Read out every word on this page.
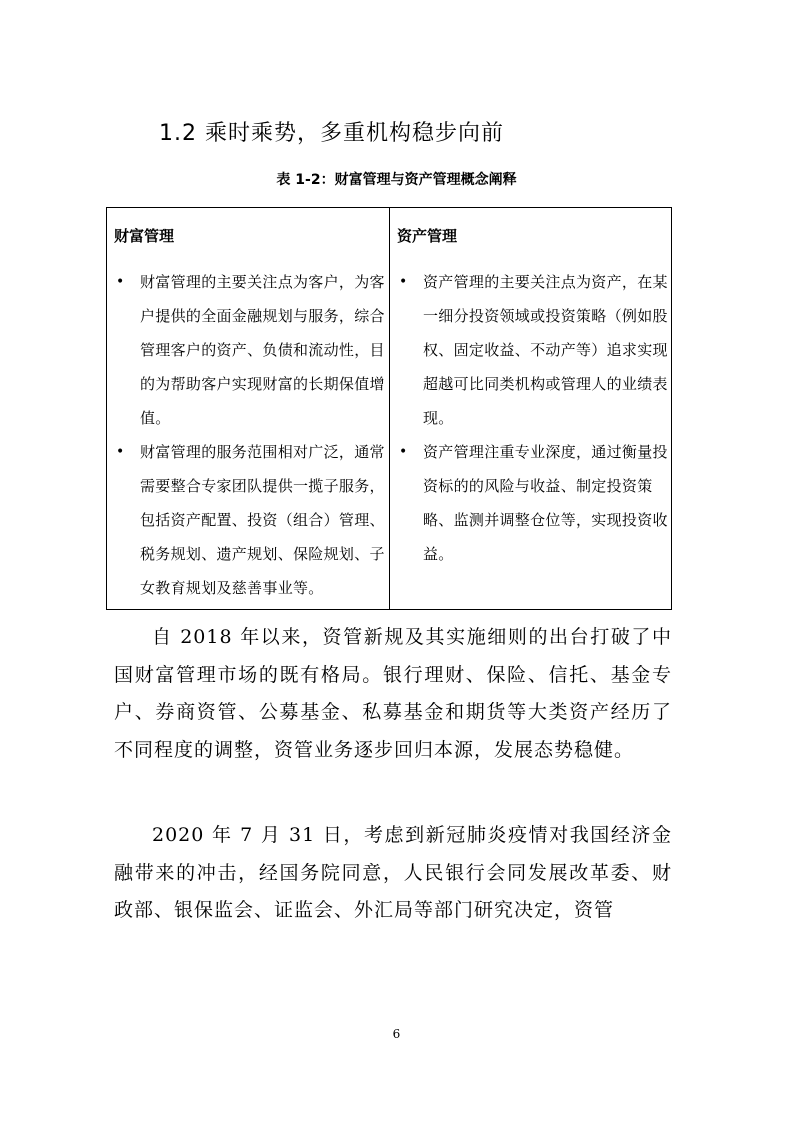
1.2 乘时乘势，多重机构稳步向前
表 1-2：财富管理与资产管理概念阐释
财富管理
• 财富管理的主要关注点为客户，为客户提供的全面金融规划与服务，综合管理客户的资产、负债和流动性，目的为帮助客户实现财富的长期保值增值。
• 财富管理的服务范围相对广泛，通常需要整合专家团队提供一揽子服务，包括资产配置、投资（组合）管理、税务规划、遗产规划、保险规划、子女教育规划及慈善事业等。
资产管理
• 资产管理的主要关注点为资产，在某一细分投资领域或投资策略（例如股权、固定收益、不动产等）追求实现超越可比同类机构或管理人的业绩表现。
• 资产管理注重专业深度，通过衡量投资标的的风险与收益、制定投资策略、监测并调整仓位等，实现投资收益。

自 2018 年以来，资管新规及其实施细则的出台打破了中国财富管理市场的既有格局。银行理财、保险、信托、基金专户、券商资管、公募基金、私募基金和期货等大类资产经历了不同程度的调整，资管业务逐步回归本源，发展态势稳健。

2020 年 7 月 31 日，考虑到新冠肺炎疫情对我国经济金融带来的冲击，经国务院同意，人民银行会同发展改革委、财政部、银保监会、证监会、外汇局等部门研究决定，资管

6
